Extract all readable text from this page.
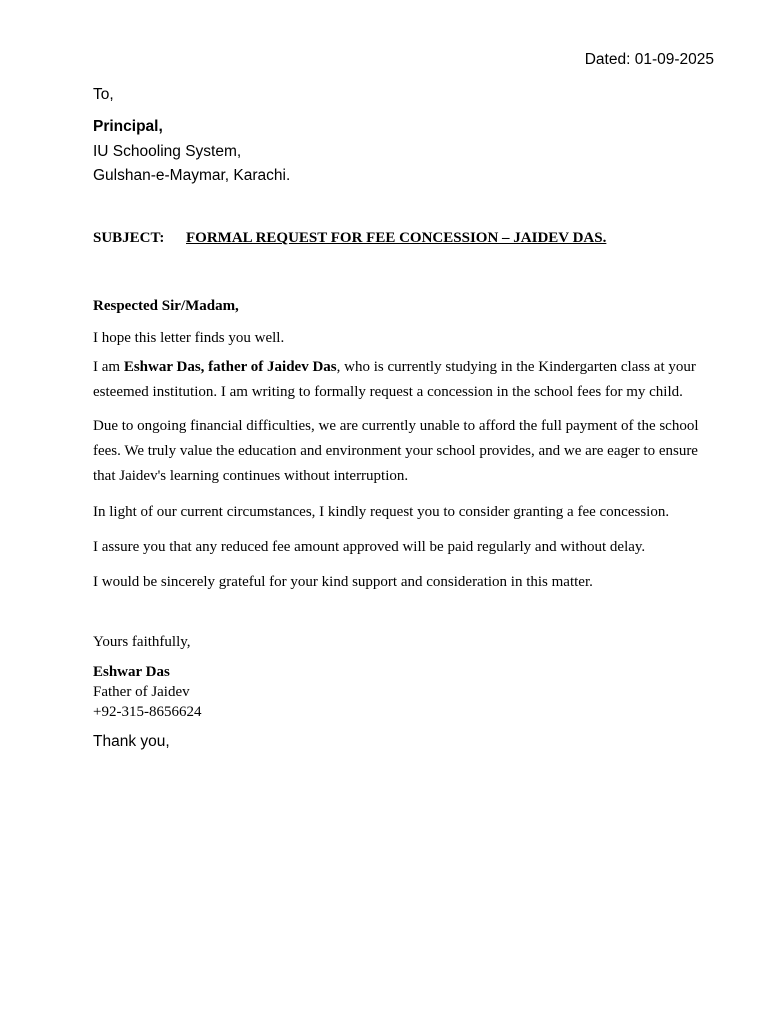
Dated: 01-09-2025
To,
Principal,
IU Schooling System,
Gulshan-e-Maymar, Karachi.
SUBJECT: FORMAL REQUEST FOR FEE CONCESSION – JAIDEV DAS.
Respected Sir/Madam,
I hope this letter finds you well.
I am Eshwar Das, father of Jaidev Das, who is currently studying in the Kindergarten class at your esteemed institution. I am writing to formally request a concession in the school fees for my child.
Due to ongoing financial difficulties, we are currently unable to afford the full payment of the school fees. We truly value the education and environment your school provides, and we are eager to ensure that Jaidev's learning continues without interruption.
In light of our current circumstances, I kindly request you to consider granting a fee concession.
I assure you that any reduced fee amount approved will be paid regularly and without delay.
I would be sincerely grateful for your kind support and consideration in this matter.
Yours faithfully,
Eshwar Das
Father of Jaidev
+92-315-8656624
Thank you,
